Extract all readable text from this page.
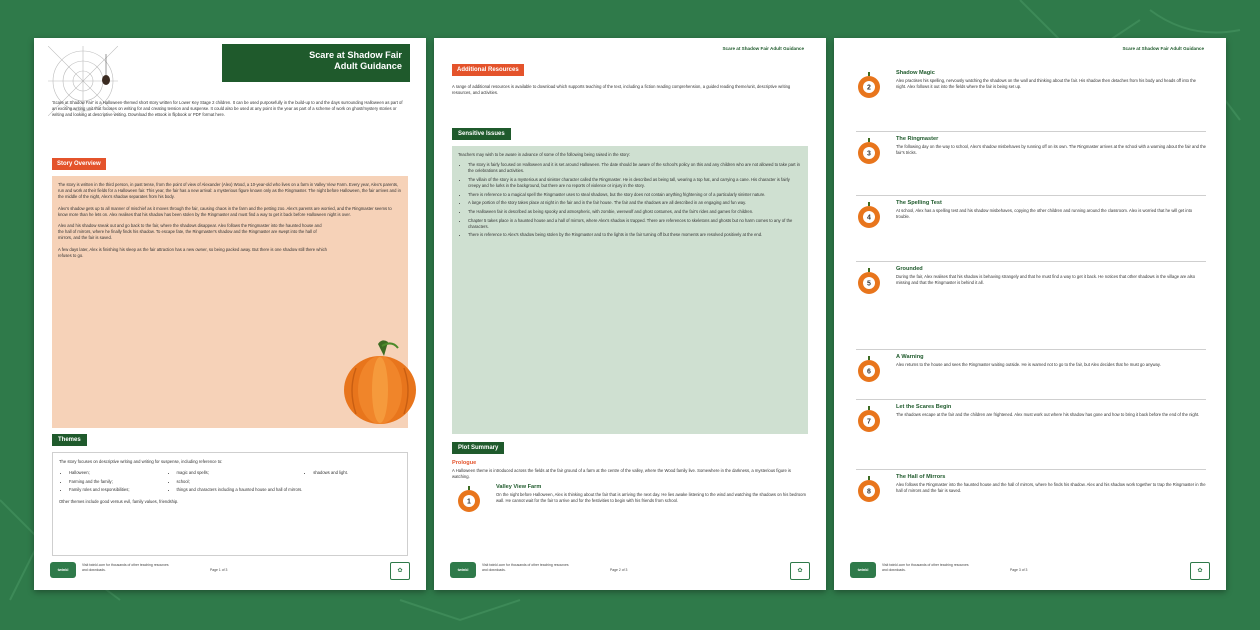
Scare at Shadow Fair
Adult Guidance
'Scare at Shadow Fair' is a Halloween-themed short story written for Lower Key Stage 2 children. It can be used purposefully in the build-up to and the days surrounding Halloween as part of an exciting writing unit that focuses on writing for and creating tension and suspense. It could also be used at any point in the year as part of a scheme of work on ghost/mystery stories or writing and looking at descriptive writing. Download the eBook in flipbook or PDF format here.
Story Overview

The story is written in the third person, in past tense, from the point of view of Alexander (Alex) Wood, a 10-year-old who lives on a farm in Valley View Farm. Every year, Alex's parents, run and work at their fields for a Halloween fair. This year, the fair has a new arrival: a mysterious figure known only as the Ringmaster. The night before Halloween, the fair arrives and in the middle of the night, Alex's shadow separates from his body.

Alex's shadow gets up to all manner of mischief as it moves through the fair, causing chaos in the farm and the petting zoo. Alex's parents are worried, and the Ringmaster seems to know more than he lets on. Alex realises that his shadow has been stolen by the Ringmaster and must find a way to get it back before Halloween night is over.

Alex and his shadow sneak out and go back to the fair, where the shadows disappear. Alex follows the Ringmaster into the haunted house and the hall of mirrors, where he finally finds his shadow. To escape fate, the Ringmaster's shadow and the Ringmaster are swept into the hall of mirrors, and the fair is saved.

A few days later, Alex is finishing his sleep as the fair attraction has a new owner, so being packed away. But there is one shadow still there which refuses to go.

Themes
The story focuses on descriptive writing and writing for suspense, including reference to:
• Halloween;
• Farming and the family;
• Family roles and responsibilities;
• magic and spells;
• school;
• things and characters including a haunted house and hall of mirrors.
• shadows and light.
Other themes include good versus evil, family values, friendship.
twinkl
Visit twinkl.com for thousands of other teaching resources and downloads.	Page 1 of 3	✿
Scare at Shadow Fair Adult Guidance
Additional Resources
A range of additional resources is available to download which supports teaching of the text, including a fiction reading comprehension, a guided reading theme/unit, descriptive writing resources, and activities.
Sensitive Issues
Teachers may wish to be aware in advance of some of the following being raised in the story:
• The story is fairly focused on Halloween and it is set around Halloween. The date should be aware of the school's policy on this and any children who are not allowed to take part in the celebrations and activities.
• The villain of the story is a mysterious and sinister character called the Ringmaster. He is described as being tall, wearing a top hat, and carrying a cane. His character is fairly creepy and he lurks in the background, but there are no reports of violence or injury in the story.
• There is reference to a magical spell the Ringmaster uses to steal shadows, but the story does not contain anything frightening or of a particularly sinister nature.
• A large portion of the story takes place at night in the fair and in the fair house. The fair and the shadows are all described in an engaging and fun way.
• The Halloween fair is described as being spooky and atmospheric, with zombie, werewolf and ghost costumes, and the fair's rides and games for children.
• Chapter 5 takes place in a haunted house and a hall of mirrors, where Alex's shadow is trapped. There are references to skeletons and ghosts but no harm comes to any of the characters.
• There is reference to Alex's shadow being stolen by the Ringmaster and to the lights in the fair turning off but these moments are resolved positively at the end.
Plot Summary
Prologue
A Halloween theme is introduced across the fields at the fair ground of a farm at the centre of the valley, where the Wood family live. Somewhere in the darkness, a mysterious figure is watching.
1
Valley View Farm
On the night before Halloween, Alex is thinking about the fair that is arriving the next day. He lies awake listening to the wind and watching the shadows on his bedroom wall. He cannot wait for the fair to arrive and for the festivities to begin with his friends from school.
twinkl
Visit twinkl.com for thousands of other teaching resources and downloads.	Page 2 of 3	✿
Scare at Shadow Fair Adult Guidance
2
Shadow Magic
Alex practises his spelling, nervously watching the shadows on the wall and thinking about the fair. His shadow then detaches from his body and heads off into the night. Alex follows it out into the fields where the fair is being set up.
3
The Ringmaster
The following day on the way to school, Alex's shadow misbehaves by running off on its own. The Ringmaster arrives at the school with a warning about the fair and the fair's tricks.
4
The Spelling Test
At school, Alex has a spelling test and his shadow misbehaves, copying the other children and running around the classroom. Alex is worried that he will get into trouble.
5
Grounded
During the fair, Alex realises that his shadow is behaving strangely and that he must find a way to get it back. He notices that other shadows in the village are also missing and that the Ringmaster is behind it all.
6
A Warning
Alex returns to the house and sees the Ringmaster waiting outside. He is warned not to go to the fair, but Alex decides that he must go anyway.
7
Let the Scares Begin
The shadows escape at the fair and the children are frightened. Alex must work out where his shadow has gone and how to bring it back before the end of the night.
8
The Hall of Mirrors
Alex follows the Ringmaster into the haunted house and the hall of mirrors, where he finds his shadow. Alex and his shadow work together to trap the Ringmaster in the hall of mirrors and the fair is saved.
twinkl
Visit twinkl.com for thousands of other teaching resources and downloads.	Page 3 of 3	✿
